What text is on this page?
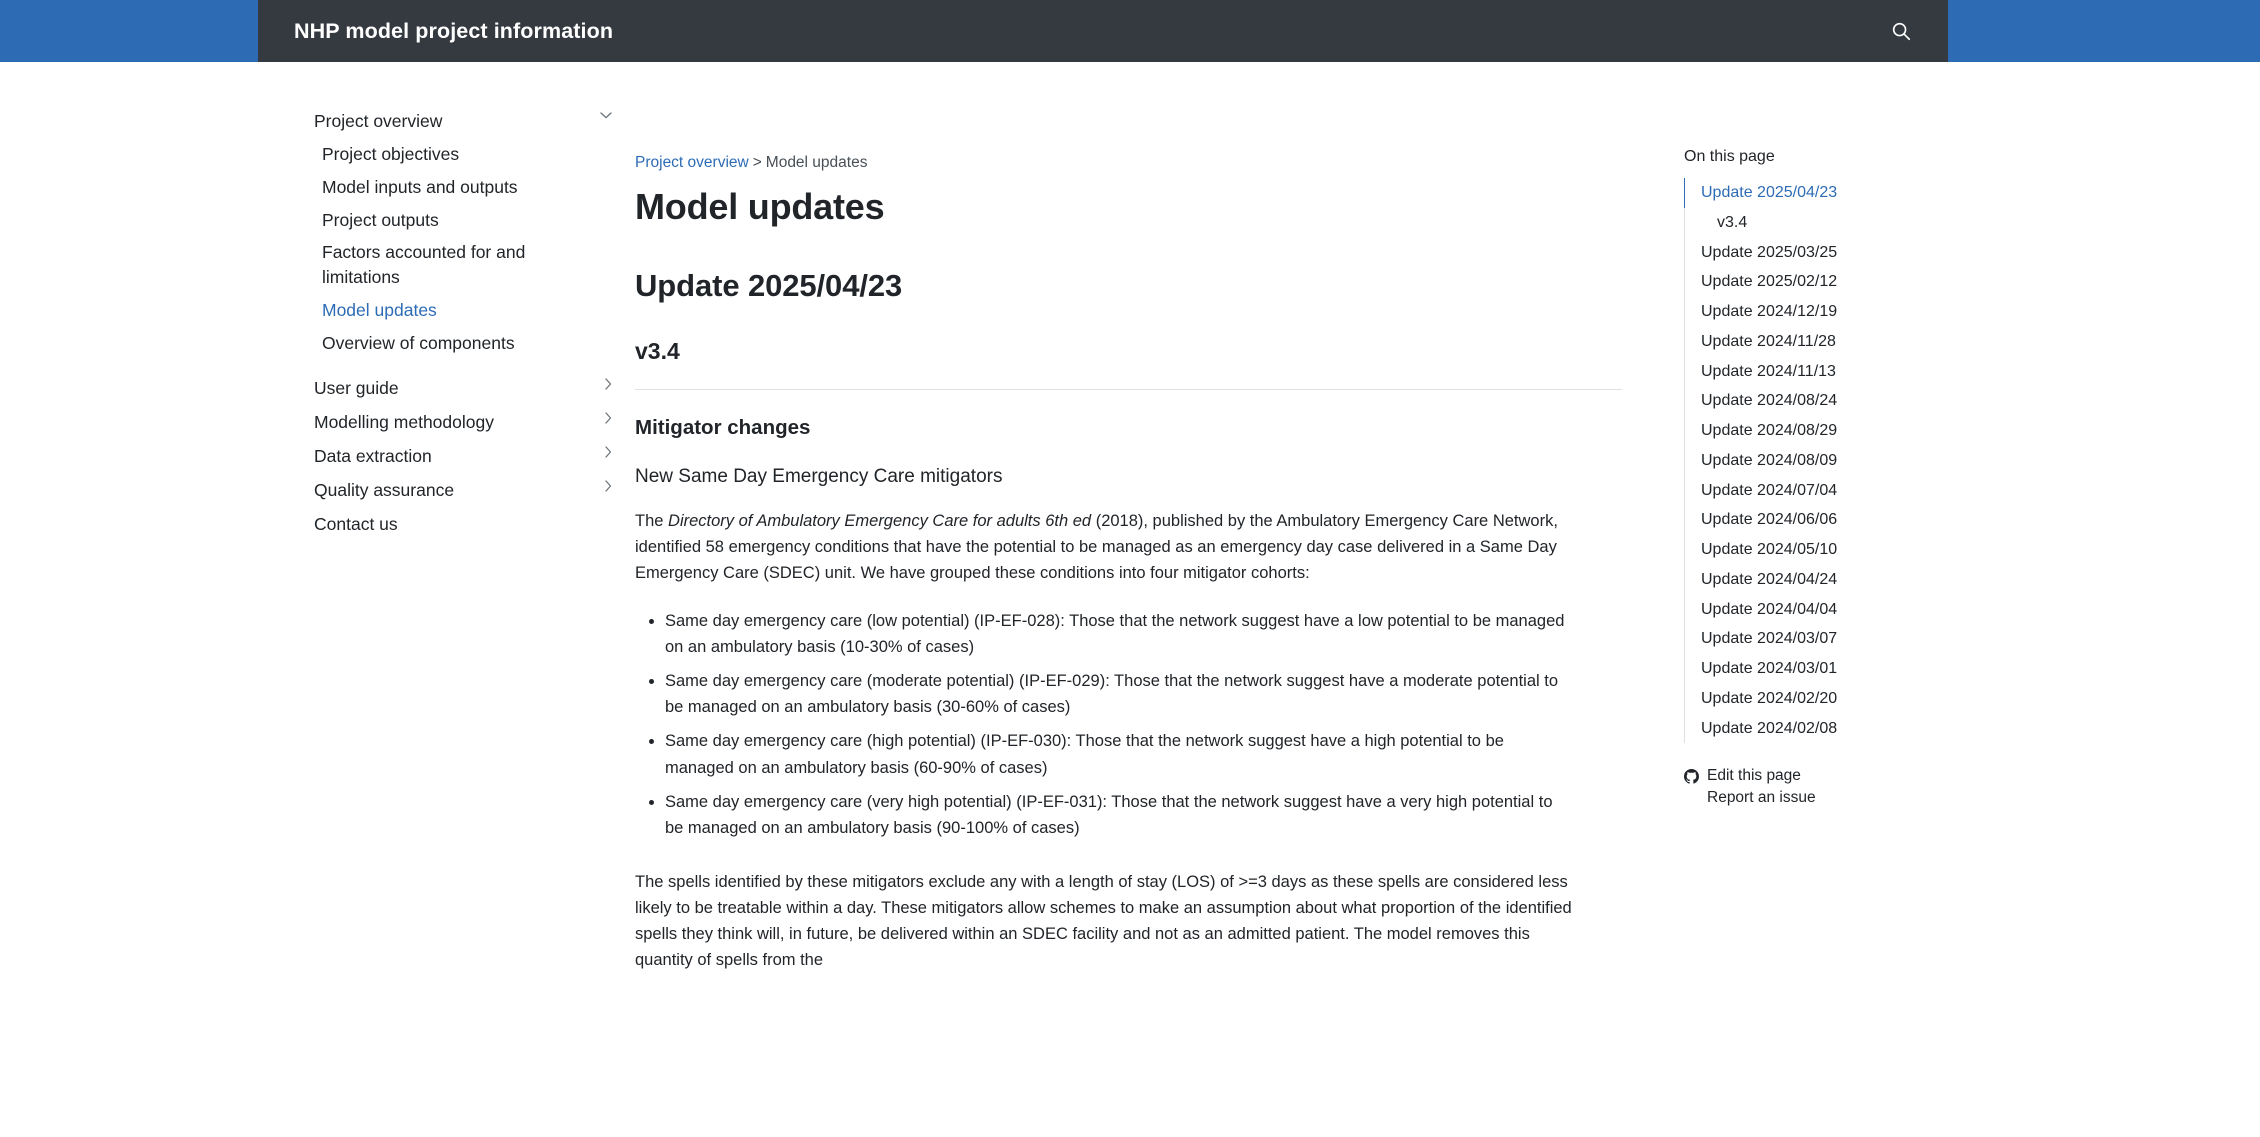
NHP model project information
Project overview
Project objectives
Model inputs and outputs
Project outputs
Factors accounted for and limitations
Model updates
Overview of components
User guide
Modelling methodology
Data extraction
Quality assurance
Contact us
Project overview > Model updates
Model updates
Update 2025/04/23
v3.4
Mitigator changes
New Same Day Emergency Care mitigators

The Directory of Ambulatory Emergency Care for adults 6th ed (2018), published by the Ambulatory Emergency Care Network, identified 58 emergency conditions that have the potential to be managed as an emergency day case delivered in a Same Day Emergency Care (SDEC) unit. We have grouped these conditions into four mitigator cohorts:

• Same day emergency care (low potential) (IP-EF-028): Those that the network suggest have a low potential to be managed on an ambulatory basis (10-30% of cases)
• Same day emergency care (moderate potential) (IP-EF-029): Those that the network suggest have a moderate potential to be managed on an ambulatory basis (30-60% of cases)
• Same day emergency care (high potential) (IP-EF-030): Those that the network suggest have a high potential to be managed on an ambulatory basis (60-90% of cases)
• Same day emergency care (very high potential) (IP-EF-031): Those that the network suggest have a very high potential to be managed on an ambulatory basis (90-100% of cases)

The spells identified by these mitigators exclude any with a length of stay (LOS) of >=3 days as these spells are considered less likely to be treatable within a day. These mitigators allow schemes to make an assumption about what proportion of the identified spells they think will, in future, be delivered within an SDEC facility and not as an admitted patient. The model removes this quantity of spells from the

On this page
Update 2025/04/23
v3.4
Update 2025/03/25
Update 2025/02/12
Update 2024/12/19
Update 2024/11/28
Update 2024/11/13
Update 2024/08/24
Update 2024/08/29
Update 2024/08/09
Update 2024/07/04
Update 2024/06/06
Update 2024/05/10
Update 2024/04/24
Update 2024/04/04
Update 2024/03/07
Update 2024/03/01
Update 2024/02/20
Update 2024/02/08
Edit this page
Report an issue
